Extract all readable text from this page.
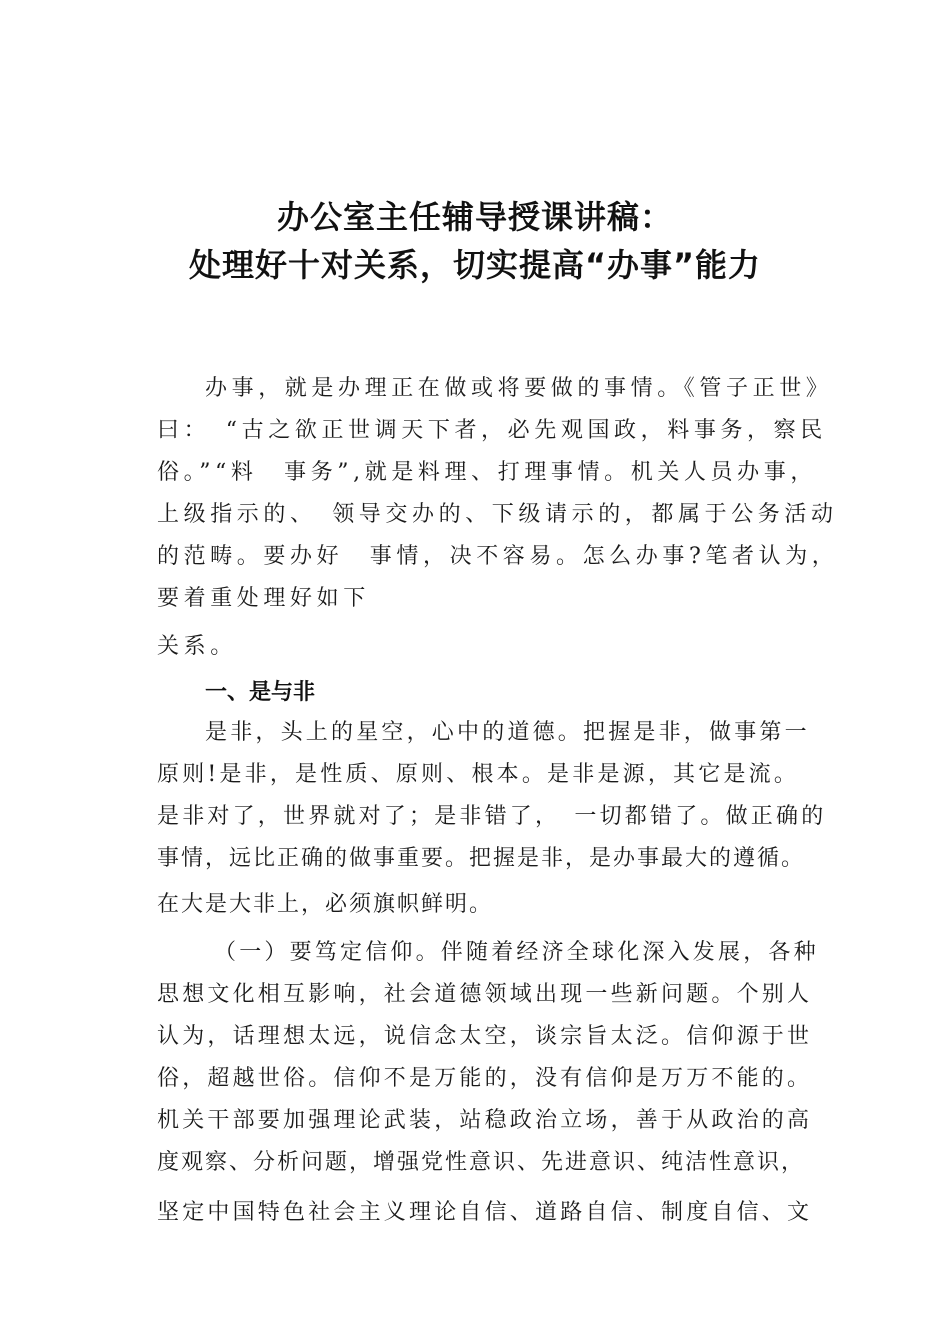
办公室主任辅导授课讲稿：
处理好十对关系，切实提高“办事”能力
办事，就是办理正在做或将要做的事情。《管子正世》
曰：　“古之欲正世调天下者，必先观国政，料事务，察民
俗。”“料　事务”,就是料理、打理事情。机关人员办事，
上级指示的、　领导交办的、下级请示的，都属于公务活动
的范畴。要办好　事情，决不容易。怎么办事?笔者认为，
要着重处理好如下
关系。
一、是与非
是非，头上的星空，心中的道德。把握是非，做事第一
原则!是非，是性质、原则、根本。是非是源，其它是流。
是非对了，世界就对了；是非错了，　一切都错了。做正确的
事情，远比正确的做事重要。把握是非，是办事最大的遵循。
在大是大非上，必须旗帜鲜明。
（一）要笃定信仰。伴随着经济全球化深入发展，各种
思想文化相互影响，社会道德领域出现一些新问题。个别人
认为，话理想太远，说信念太空，谈宗旨太泛。信仰源于世
俗，超越世俗。信仰不是万能的，没有信仰是万万不能的。
机关干部要加强理论武装，站稳政治立场，善于从政治的高
度观察、分析问题，增强党性意识、先进意识、纯洁性意识，
坚定中国特色社会主义理论自信、道路自信、制度自信、文
